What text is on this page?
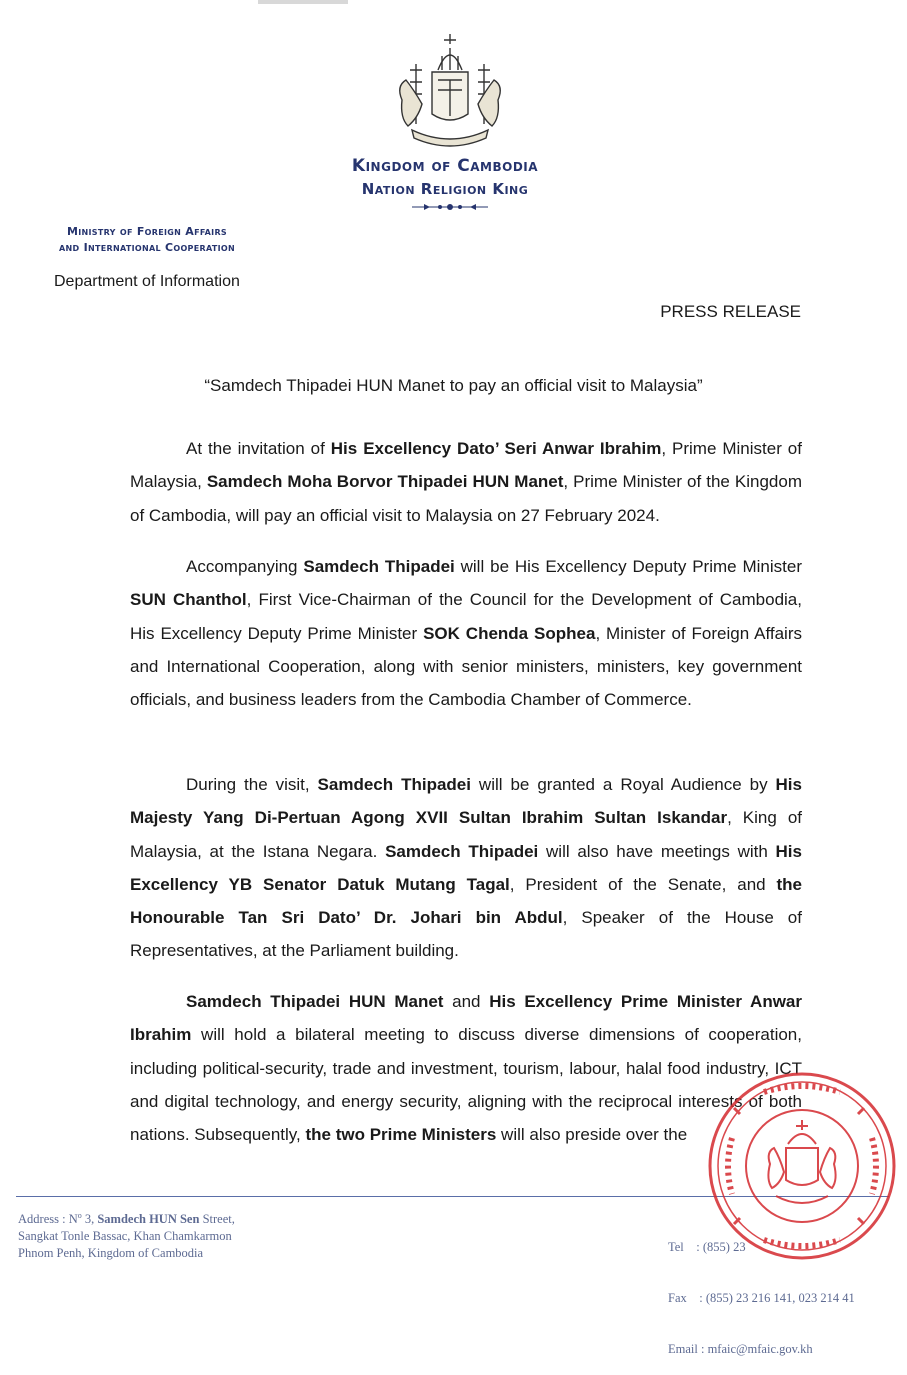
Kingdom of Cambodia
Nation Religion King
Ministry of Foreign Affairs
and International Cooperation
Department of Information
PRESS RELEASE
“Samdech Thipadei HUN Manet to pay an official visit to Malaysia”

At the invitation of His Excellency Dato’ Seri Anwar Ibrahim, Prime Minister of Malaysia, Samdech Moha Borvor Thipadei HUN Manet, Prime Minister of the Kingdom of Cambodia, will pay an official visit to Malaysia on 27 February 2024.

Accompanying Samdech Thipadei will be His Excellency Deputy Prime Minister SUN Chanthol, First Vice-Chairman of the Council for the Development of Cambodia, His Excellency Deputy Prime Minister SOK Chenda Sophea, Minister of Foreign Affairs and International Cooperation, along with senior ministers, ministers, key government officials, and business leaders from the Cambodia Chamber of Commerce.

During the visit, Samdech Thipadei will be granted a Royal Audience by His Majesty Yang Di-Pertuan Agong XVII Sultan Ibrahim Sultan Iskandar, King of Malaysia, at the Istana Negara. Samdech Thipadei will also have meetings with His Excellency YB Senator Datuk Mutang Tagal, President of the Senate, and the Honourable Tan Sri Dato’ Dr. Johari bin Abdul, Speaker of the House of Representatives, at the Parliament building.

Samdech Thipadei HUN Manet and His Excellency Prime Minister Anwar Ibrahim will hold a bilateral meeting to discuss diverse dimensions of cooperation, including political-security, trade and investment, tourism, labour, halal food industry, ICT and digital technology, and energy security, aligning with the reciprocal interests of both nations. Subsequently, the two Prime Ministers will also preside over the

Address : $N^o$ 3, Samdech HUN Sen Street,
Sangkat Tonle Bassac, Khan Chamkarmon
Phnom Penh, Kingdom of Cambodia

	Tel    : (855) 23

Fax    : (855) 23 216 141, 023 214 41

Email : mfaic@mfaic.gov.kh
